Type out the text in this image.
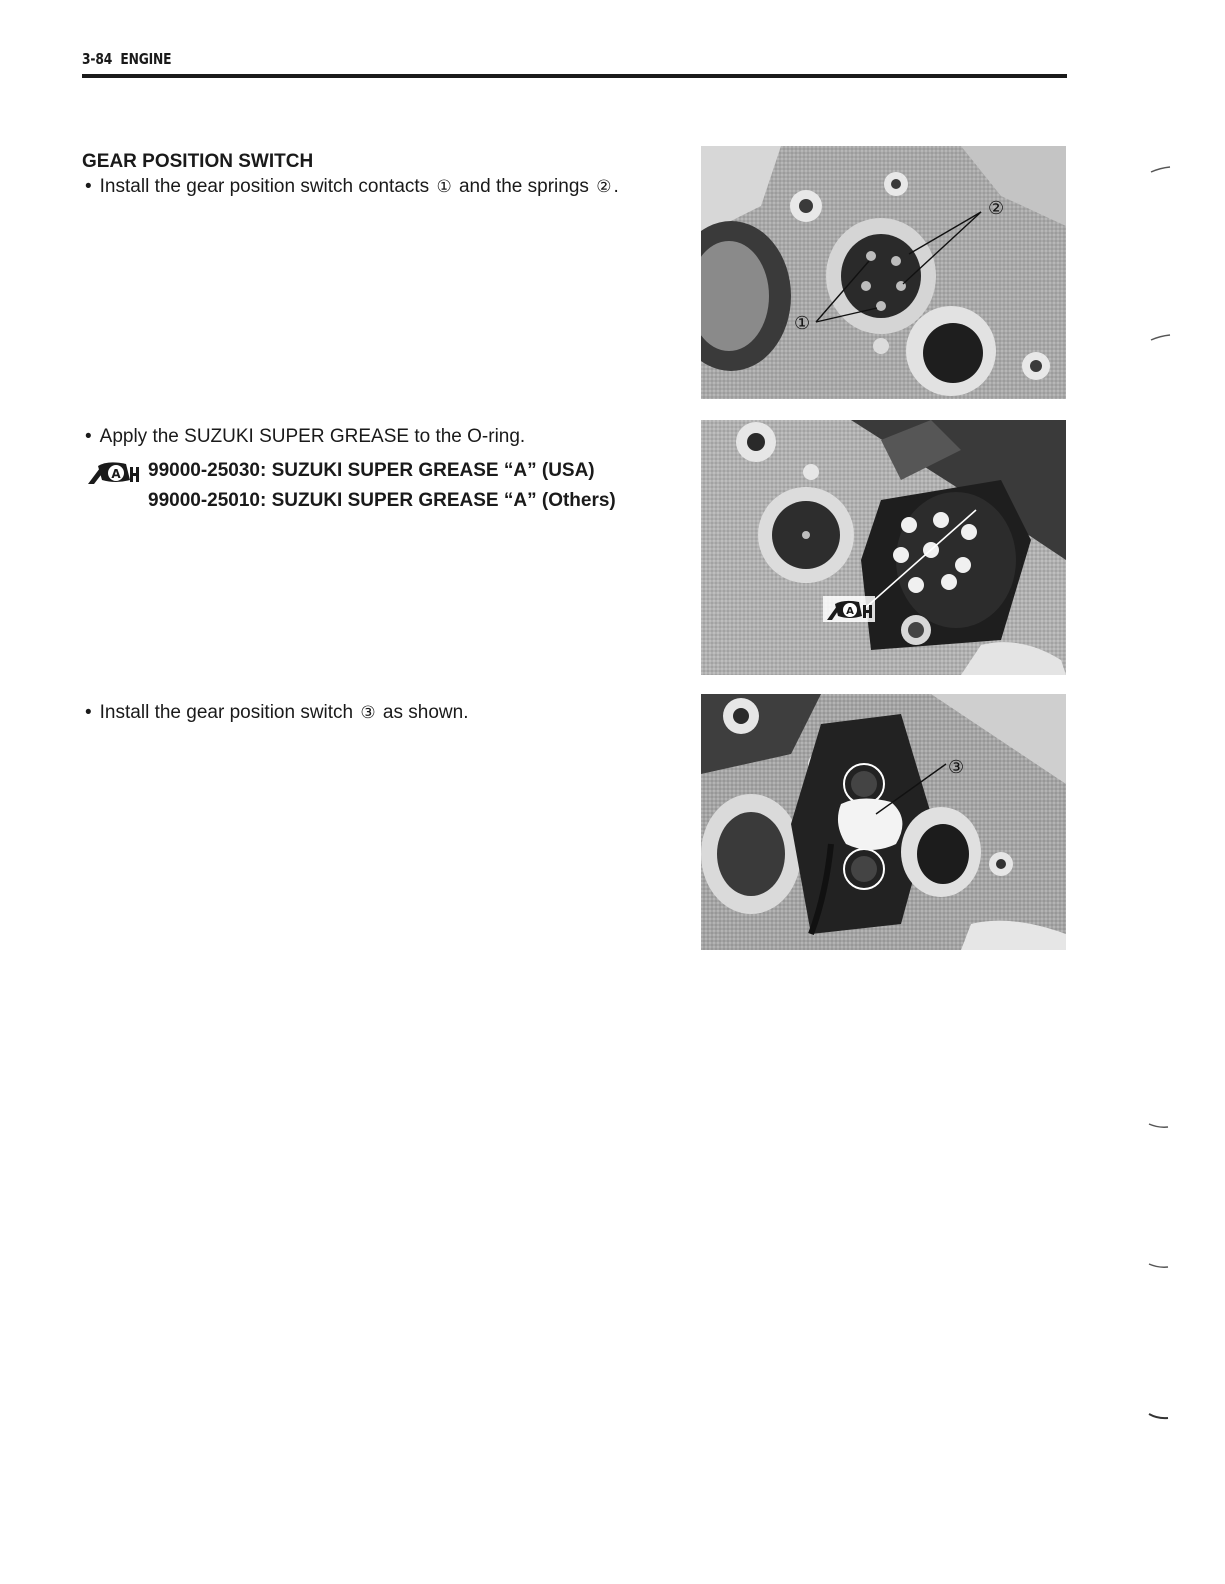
3-84 ENGINE
GEAR POSITION SWITCH

• Install the gear position switch contacts ① and the springs ② .

• Apply the SUZUKI SUPER GREASE to the O-ring.

A 99000-25030: SUZUKI SUPER GREASE “A” (USA)
99000-25010: SUZUKI SUPER GREASE “A” (Others)

• Install the gear position switch ③ as shown.

②
①
A
③
